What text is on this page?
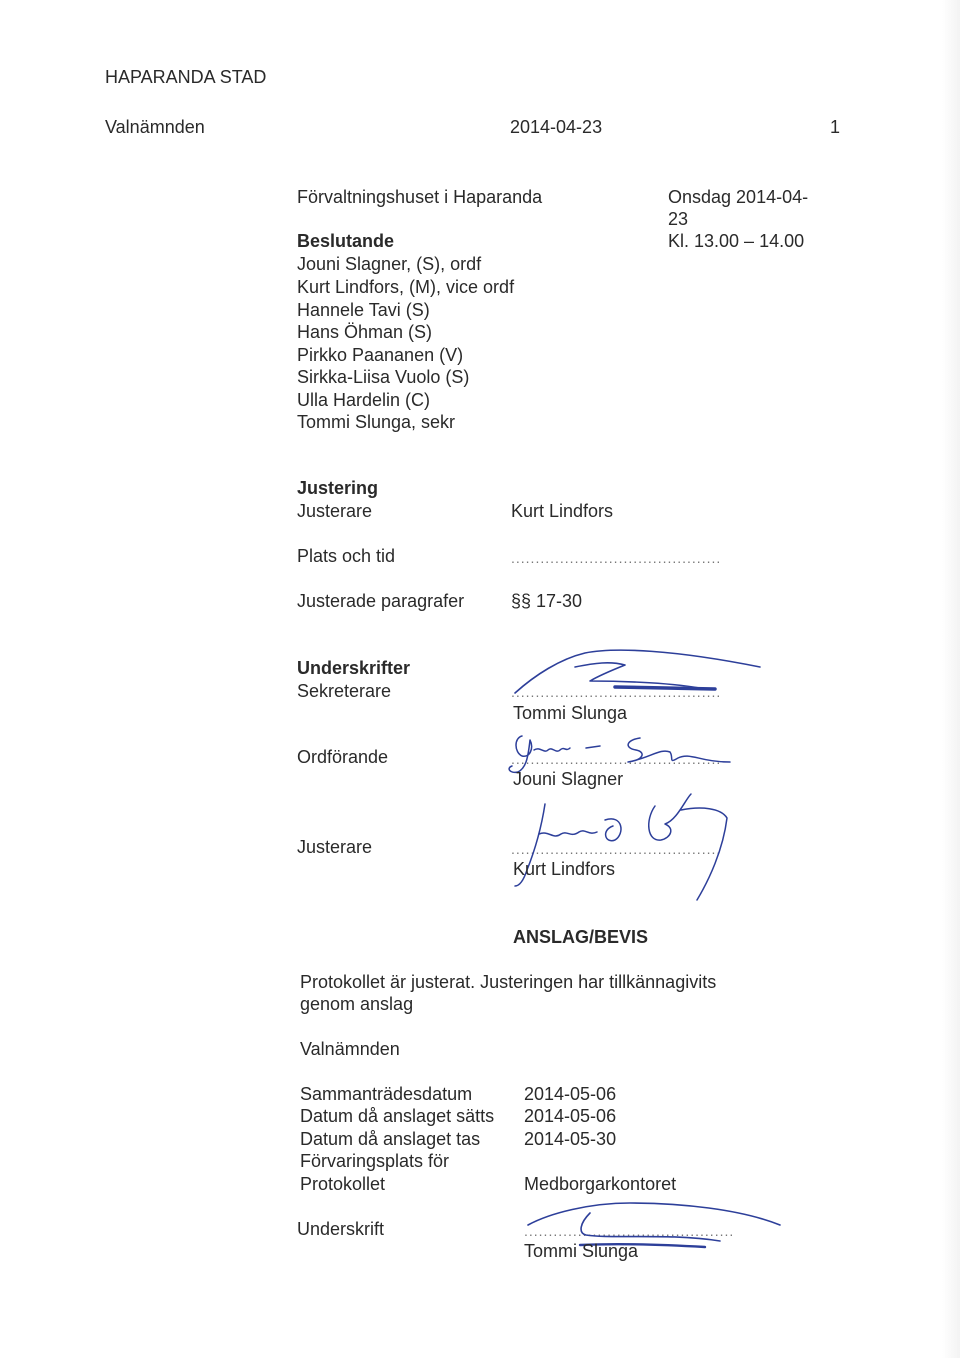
HAPARANDA STAD
Valnämnden	2014-04-23	1
Förvaltningshuset i Haparanda	Onsdag 2014-04-
23
Kl. 13.00 – 14.00
Beslutande
Jouni Slagner, (S), ordf
Kurt Lindfors, (M), vice ordf
Hannele Tavi (S)
Hans Öhman (S)
Pirkko Paananen (V)
Sirkka-Liisa Vuolo (S)
Ulla Hardelin (C)
Tommi Slunga, sekr
Justering
Justerare	Kurt Lindfors
Plats och tid	...........................................
Justerade paragrafer	§§ 17-30
Underskrifter
Sekreterare	...........................................
Tommi Slunga
Ordförande	...........................................
Jouni Slagner
Justerare	...........................................
Kurt Lindfors
ANSLAG/BEVIS
Protokollet är justerat. Justeringen har tillkännagivits
genom anslag
Valnämnden
Sammanträdesdatum	2014-05-06
Datum då anslaget sätts 2014-05-06
Datum då anslaget tas 2014-05-30
Förvaringsplats för
Protokollet	Medborgarkontoret
Underskrift	...........................................
Tommi Slunga
